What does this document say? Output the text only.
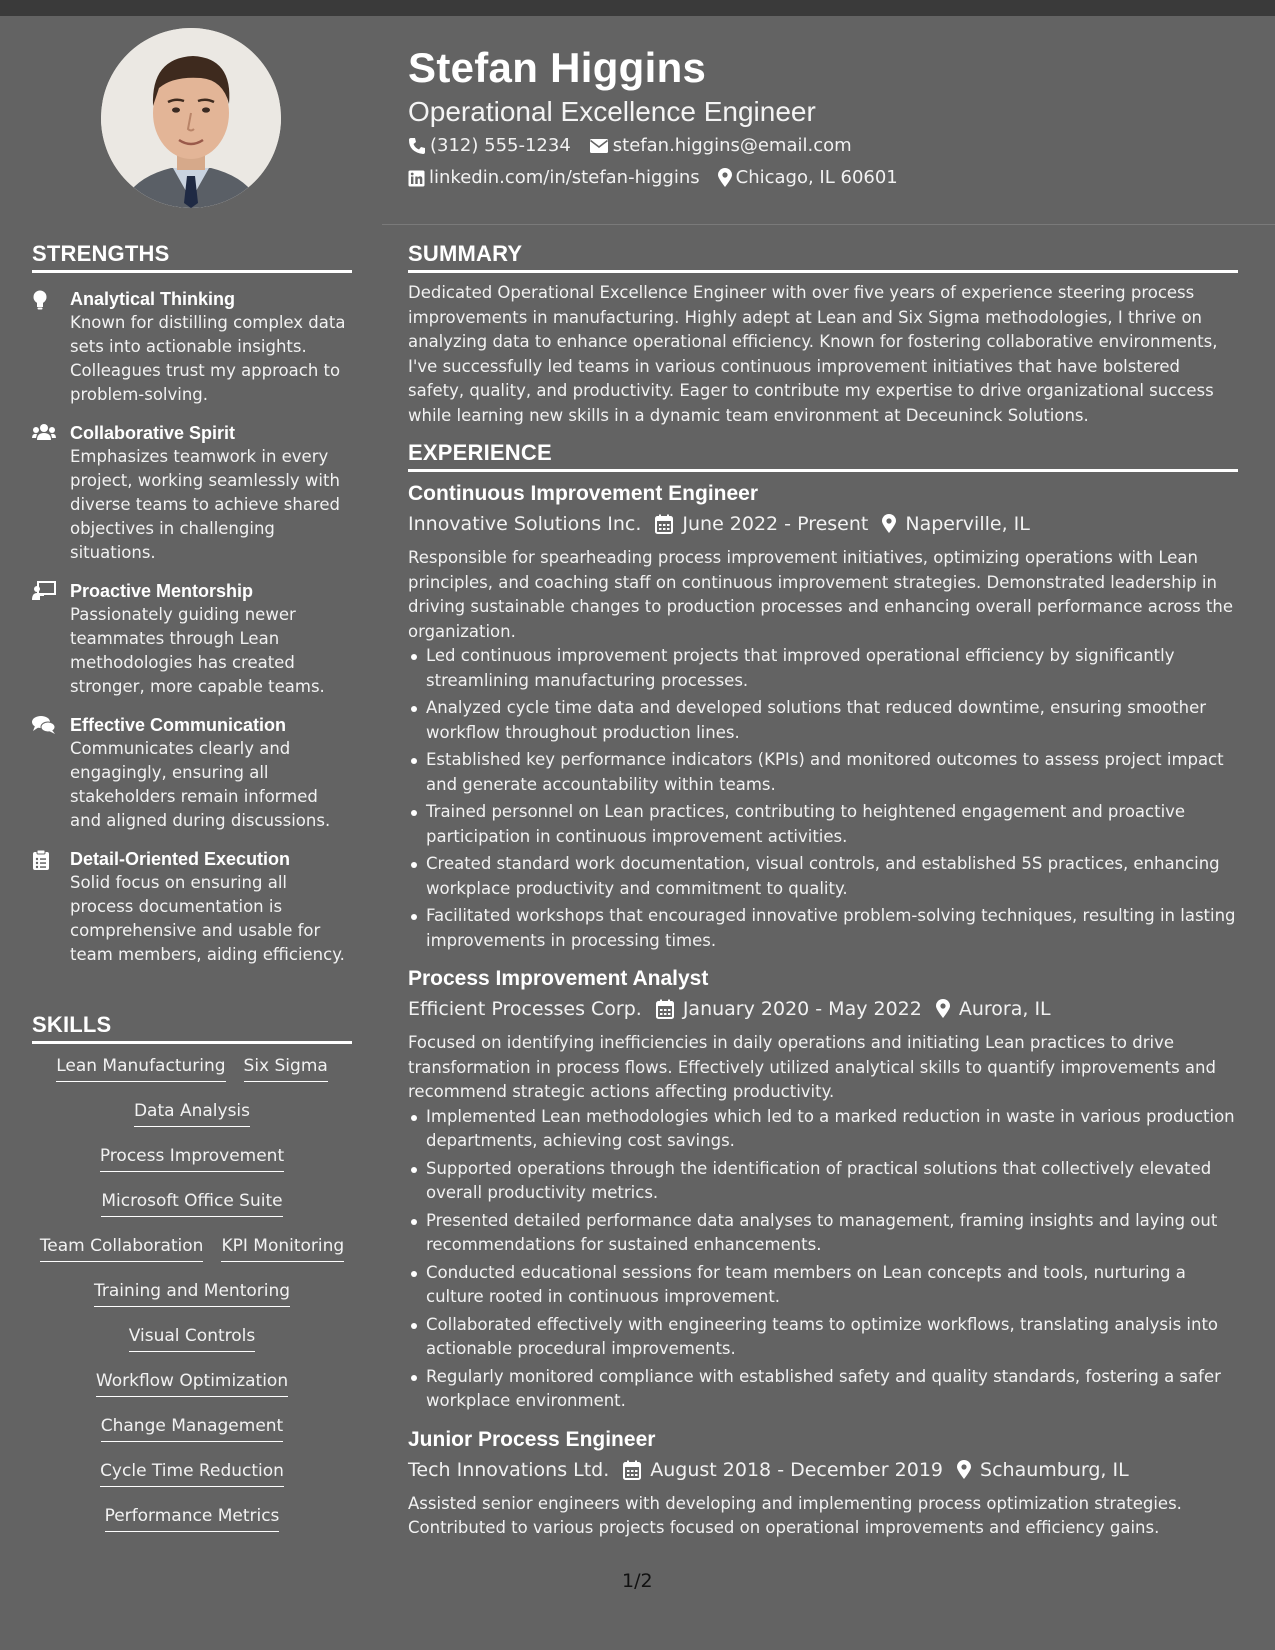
STRENGTHS
Analytical Thinking
Known for distilling complex data sets into actionable insights. Colleagues trust my approach to problem-solving.
Collaborative Spirit
Emphasizes teamwork in every project, working seamlessly with diverse teams to achieve shared objectives in challenging situations.
Proactive Mentorship
Passionately guiding newer teammates through Lean methodologies has created stronger, more capable teams.
Effective Communication
Communicates clearly and engagingly, ensuring all stakeholders remain informed and aligned during discussions.
Detail-Oriented Execution
Solid focus on ensuring all process documentation is comprehensive and usable for team members, aiding efficiency.
SKILLS
Lean Manufacturing Six Sigma
Data Analysis
Process Improvement
Microsoft Office Suite
Team Collaboration KPI Monitoring
Training and Mentoring
Visual Controls
Workflow Optimization
Change Management
Cycle Time Reduction
Performance Metrics
Stefan Higgins
Operational Excellence Engineer
(312) 555-1234 stefan.higgins@email.com
linkedin.com/in/stefan-higgins Chicago, IL 60601
SUMMARY
Dedicated Operational Excellence Engineer with over five years of experience steering process improvements in manufacturing. Highly adept at Lean and Six Sigma methodologies, I thrive on analyzing data to enhance operational efficiency. Known for fostering collaborative environments, I've successfully led teams in various continuous improvement initiatives that have bolstered safety, quality, and productivity. Eager to contribute my expertise to drive organizational success while learning new skills in a dynamic team environment at Deceuninck Solutions.
EXPERIENCE
Continuous Improvement Engineer
Innovative Solutions Inc. June 2022 - Present Naperville, IL
Responsible for spearheading process improvement initiatives, optimizing operations with Lean principles, and coaching staff on continuous improvement strategies. Demonstrated leadership in driving sustainable changes to production processes and enhancing overall performance across the organization.
Led continuous improvement projects that improved operational efficiency by significantly streamlining manufacturing processes.
Analyzed cycle time data and developed solutions that reduced downtime, ensuring smoother workflow throughout production lines.
Established key performance indicators (KPIs) and monitored outcomes to assess project impact and generate accountability within teams.
Trained personnel on Lean practices, contributing to heightened engagement and proactive participation in continuous improvement activities.
Created standard work documentation, visual controls, and established 5S practices, enhancing workplace productivity and commitment to quality.
Facilitated workshops that encouraged innovative problem-solving techniques, resulting in lasting improvements in processing times.
Process Improvement Analyst
Efficient Processes Corp. January 2020 - May 2022 Aurora, IL
Focused on identifying inefficiencies in daily operations and initiating Lean practices to drive transformation in process flows. Effectively utilized analytical skills to quantify improvements and recommend strategic actions affecting productivity.
Implemented Lean methodologies which led to a marked reduction in waste in various production departments, achieving cost savings.
Supported operations through the identification of practical solutions that collectively elevated overall productivity metrics.
Presented detailed performance data analyses to management, framing insights and laying out recommendations for sustained enhancements.
Conducted educational sessions for team members on Lean concepts and tools, nurturing a culture rooted in continuous improvement.
Collaborated effectively with engineering teams to optimize workflows, translating analysis into actionable procedural improvements.
Regularly monitored compliance with established safety and quality standards, fostering a safer workplace environment.
Junior Process Engineer
Tech Innovations Ltd. August 2018 - December 2019 Schaumburg, IL
Assisted senior engineers with developing and implementing process optimization strategies. Contributed to various projects focused on operational improvements and efficiency gains.
1/2
